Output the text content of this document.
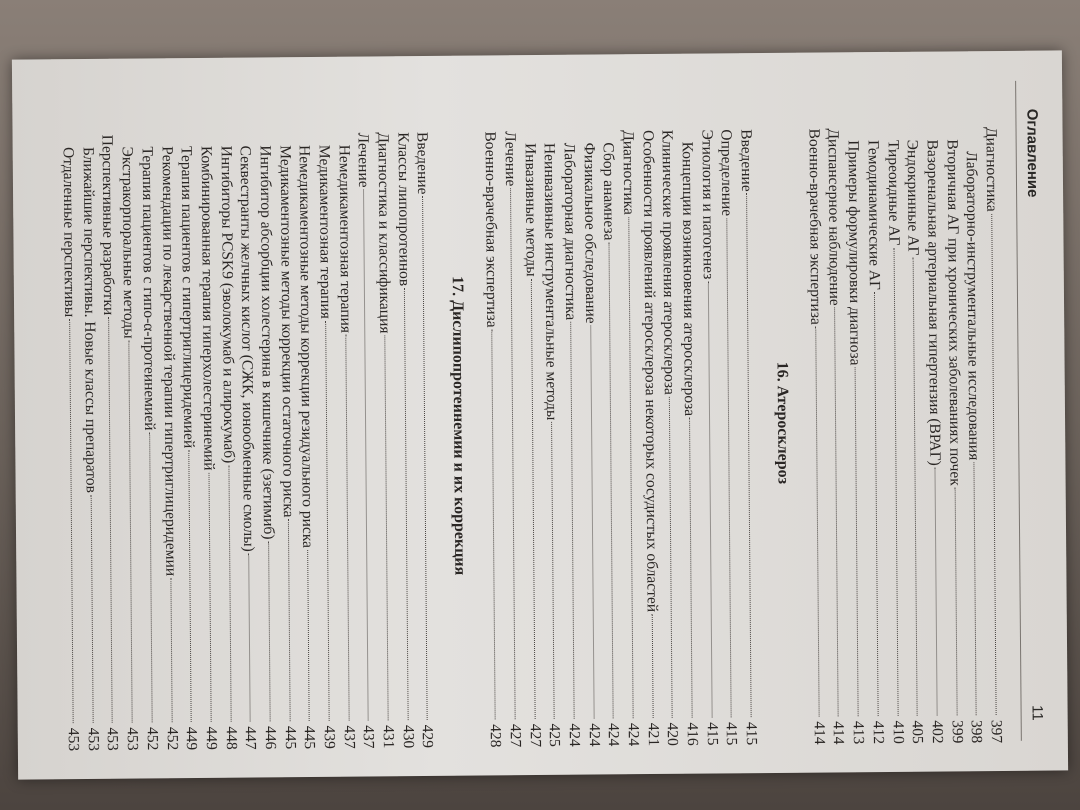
Оглавление
11
Диагностика
397
Лабораторно-инструментальные исследования
398
Вторичная АГ при хронических заболеваниях почек
399
Вазоренальная артериальная гипертензия (ВРАГ)
402
Эндокринные АГ
405
Тиреоидные АГ
410
Гемодинамические АГ
412
Примеры формулировки диагноза
413
Диспансерное наблюдение
414
Военно-врачебная экспертиза
414
16. Атеросклероз
Введение
415
Определение
415
Этиология и патогенез
415
Концепции возникновения атеросклероза
416
Клинические проявления атеросклероза
420
Особенности проявлений атеросклероза некоторых сосудистых областей
421
Диагностика
424
Сбор анамнеза
424
Физикальное обследование
424
Лабораторная диагностика
424
Неинвазивные инструментальные методы
425
Инвазивные методы
427
Лечение
427
Военно-врачебная экспертиза
428
17. Дислипопротеинемии и их коррекция
Введение
429
Классы липопротеинов
430
Диагностика и классификация
431
Лечение
437
Немедикаментозная терапия
437
Медикаментозная терапия
439
Немедикаментозные методы коррекции резидуального риска
445
Медикаментозные методы коррекции остаточного риска
445
Ингибитор абсорбции холестерина в кишечнике (эзетимиб)
446
Секвестранты желчных кислот (СЖК, ионообменные смолы)
447
Ингибиторы PCSK9 (эволокумаб и алирокумаб)
448
Комбинированная терапия гиперхолестеринемий
449
Терапия пациентов с гипертриглицеридемией
449
Рекомендации по лекарственной терапии гипертриглицеридемии
452
Терапия пациентов с гипо-α-протеинемией
452
Экстракорпоральные методы
453
Перспективные разработки
453
Ближайшие перспективы. Новые классы препаратов
453
Отдаленные перспективы
453
